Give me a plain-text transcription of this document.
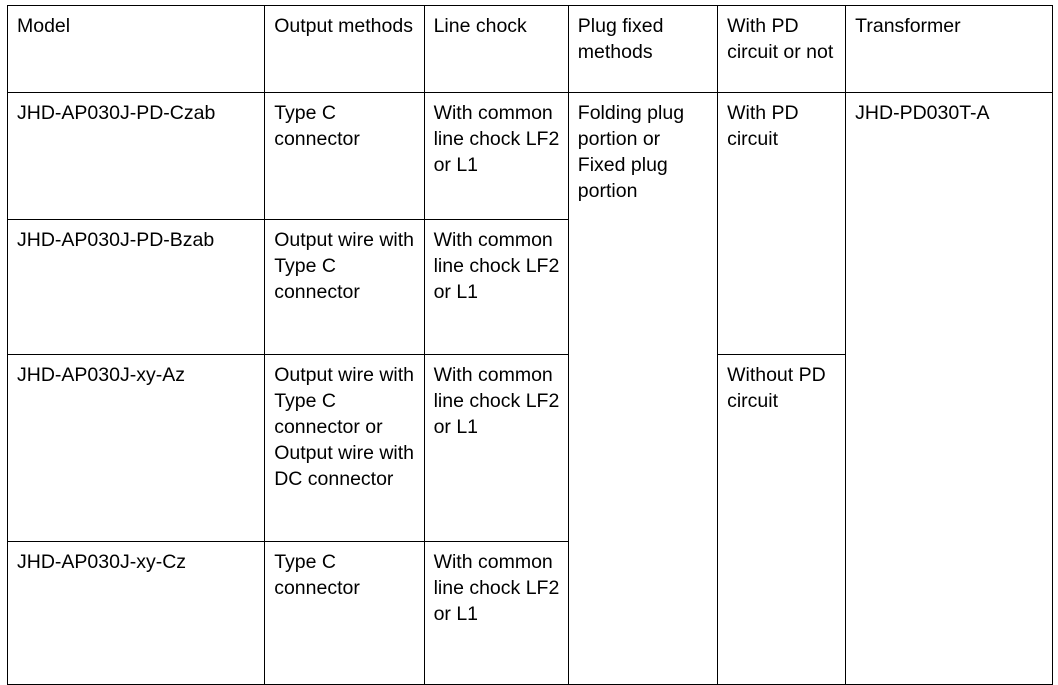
Model	Output methods	Line chock	Plug fixed methods	With PD circuit or not	Transformer
JHD-AP030J-PD-Czab	Type C connector	With common line chock LF2 or L1	Folding plug portion or Fixed plug portion	With PD circuit	JHD-PD030T-A
JHD-AP030J-PD-Bzab	Output wire with Type C connector	With common line chock LF2 or L1			
JHD-AP030J-xy-Az	Output wire with Type C connector or Output wire with DC connector	With common line chock LF2 or L1		Without PD circuit	
JHD-AP030J-xy-Cz	Type C connector	With common line chock LF2 or L1			
